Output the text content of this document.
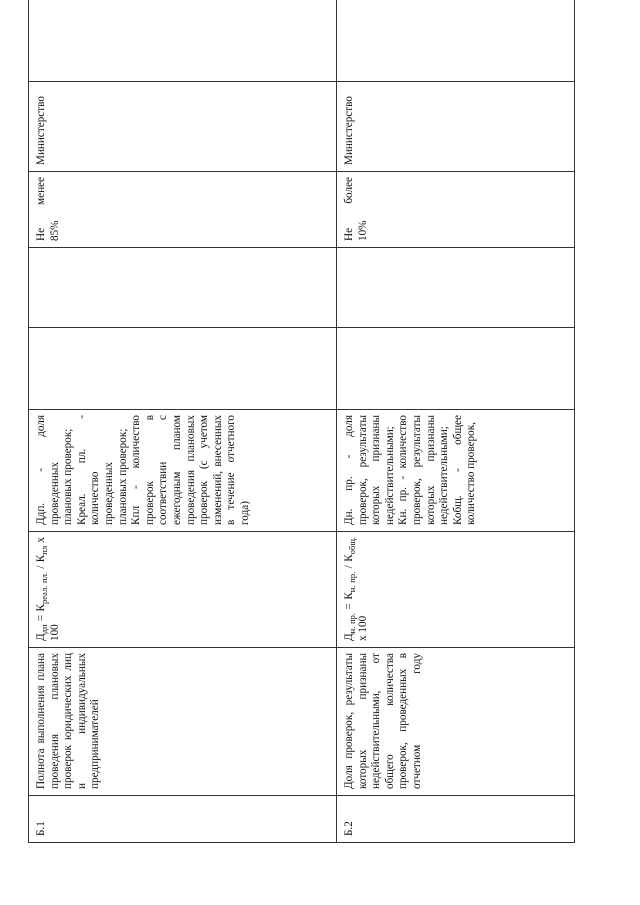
Б.1	Полнота выполнения плана проведения плановых проверок юридических лиц и индивидуальных предпринимателей	$Д_{дп} = К_{реал. пл.} / К_{пл}$ х 100	Ддп. - доля проведенных плановых проверок; Креал. пл. - количество проведенных плановых проверок; Кпл - количество проверок в соответствии с ежегодным планом проведения плановых проверок (с учетом изменений, внесенных в течение отчетного года)			Не менее 85%	Министерство	
Б.2	Доля проверок, результаты которых признаны недействительными, от общего количества проверок, проведенных в отчетном году	$Д_{н. пр.} = К_{н. пр.} / К_{общ.}$ х 100	Дн. пр. - доля проверок, результаты которых признаны недействительными; Кн. пр. - количество проверок, результаты которых признаны недействительными; Кобщ. - общее количество проверок,			Не более 10%	Министерство	
